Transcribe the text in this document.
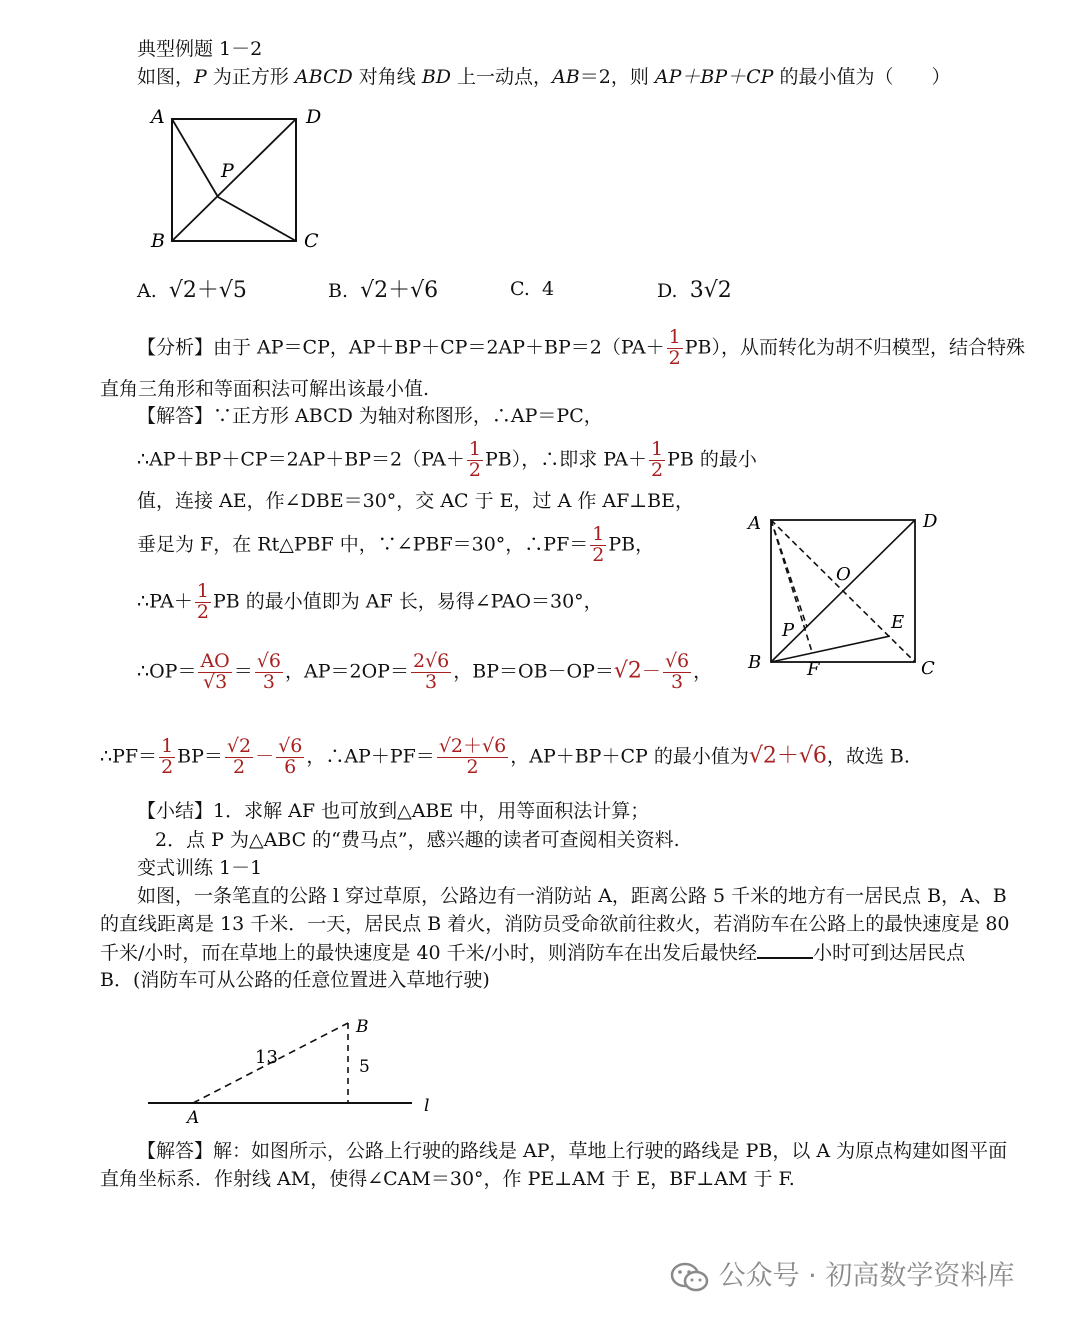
典型例题 1－2
如图，P 为正方形 ABCD 对角线 BD 上一动点，AB＝2，则 AP＋BP＋CP 的最小值为（　　）
A	D
B	C
P
A. √2＋√5	B. √2＋√6	C. 4	D. 3√2
【分析】由于 AP＝CP，$AP+BP+CP=2AP+BP=2(PA+ \frac{1}{2} PB)$，从而转化为胡不归模型，结合特殊
直角三角形和等面积法可解出该最小值.
【解答】∵正方形 ABCD 为轴对称图形，∴AP＝PC，
∴AP＋BP＋CP＝2AP＋BP＝2（PA＋ $\frac{1}{2} PB$），∴即求 $PA+ \frac{1}{2}$ PB 的最小
值，连接 AE，作∠DBE＝30°，交 AC 于 E，过 A 作 AF⊥BE，
垂足为 F，在 Rt△PBF 中，∵∠PBF＝30°，∴PF＝ $\frac{1}{2}$ PB，
∴PA＋ $\frac{1}{2}$ PB 的最小值即为 AF 长，易得∠PAO＝30°，
∴OP＝ $\frac{AO}{√3} = \frac{√6}{3}$ ，$AP=2OP= \frac{2√6}{3}$ ，$BP=OB-OP=√2- \frac{√6}{3}$ ，
∴PF＝ $\frac{1}{2} BP= \frac{√2}{2} - \frac{√6}{6}$ ，∴AP＋PF＝ $\frac{√2+√6}{2}$ ，AP＋BP＋CP 的最小值为√2＋√6，故选 B.
A	D
O
P	E
B	F	C
【小结】1．求解 AF 也可放到△ABE 中，用等面积法计算；
2．点 P 为△ABC 的“费马点”，感兴趣的读者可查阅相关资料.
变式训练 1－1
如图，一条笔直的公路 l 穿过草原，公路边有一消防站 A，距离公路 5 千米的地方有一居民点 B，A、B
的直线距离是 13 千米．一天，居民点 B 着火，消防员受命欲前往救火，若消防车在公路上的最快速度是 80
千米/小时，而在草地上的最快速度是 40 千米/小时，则消防车在出发后最快经	小时可到达居民点
B．(消防车可从公路的任意位置进入草地行驶)
B
13	5
A
l
【解答】解：如图所示，公路上行驶的路线是 AP，草地上行驶的路线是 PB，以 A 为原点构建如图平面
直角坐标系．作射线 AM，使得∠CAM＝30°，作 PE⊥AM 于 E，BF⊥AM 于 F.
公众号 · 初高数学资料库
